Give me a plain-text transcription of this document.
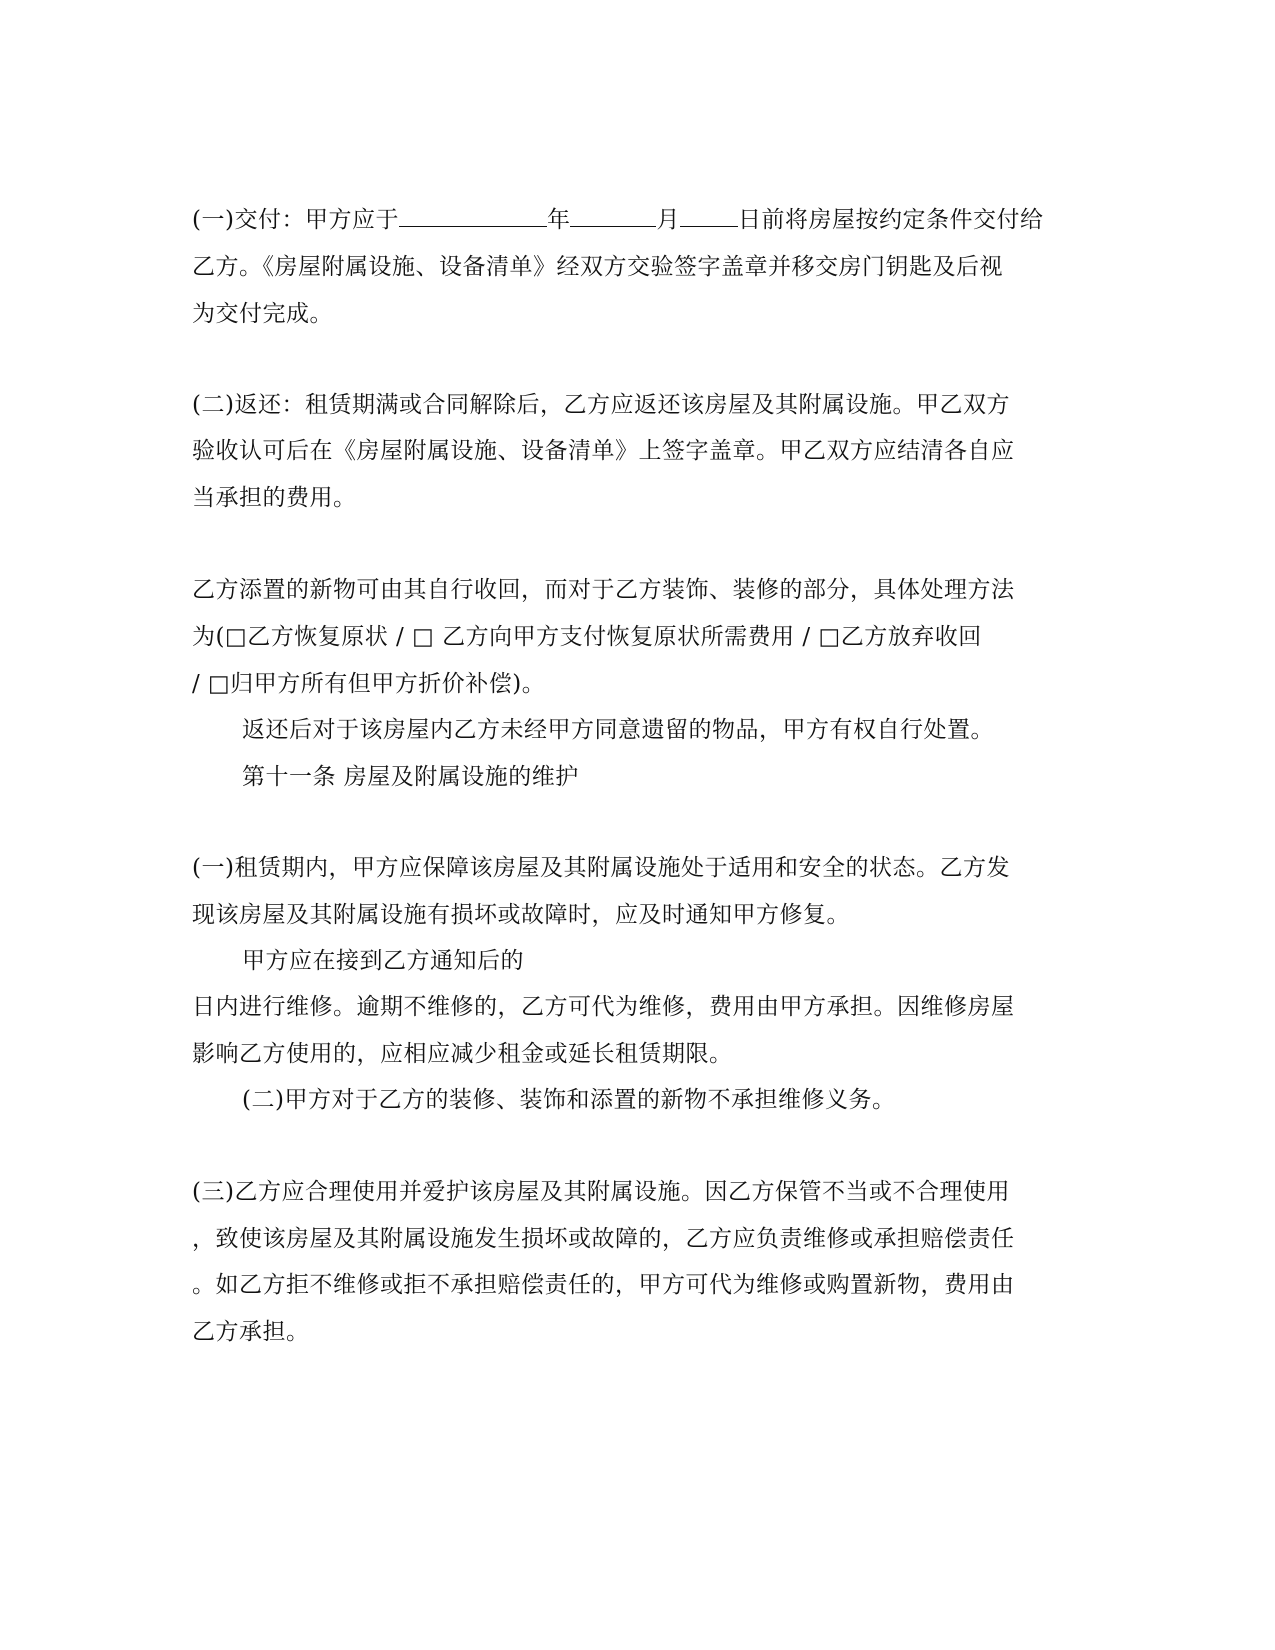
(一)交付：甲方应于	年	月	日前将房屋按约定条件交付给
乙方。《房屋附属设施、设备清单》经双方交验签字盖章并移交房门钥匙及后视
为交付完成。
(二)返还：租赁期满或合同解除后，乙方应返还该房屋及其附属设施。甲乙双方
验收认可后在《房屋附属设施、设备清单》上签字盖章。甲乙双方应结清各自应
当承担的费用。
乙方添置的新物可由其自行收回，而对于乙方装饰、装修的部分，具体处理方法
为(□乙方恢复原状 / □ 乙方向甲方支付恢复原状所需费用 / □乙方放弃收回
/ □归甲方所有但甲方折价补偿)。
返还后对于该房屋内乙方未经甲方同意遗留的物品，甲方有权自行处置。
第十一条 房屋及附属设施的维护
(一)租赁期内，甲方应保障该房屋及其附属设施处于适用和安全的状态。乙方发
现该房屋及其附属设施有损坏或故障时，应及时通知甲方修复。
甲方应在接到乙方通知后的
日内进行维修。逾期不维修的，乙方可代为维修，费用由甲方承担。因维修房屋
影响乙方使用的，应相应减少租金或延长租赁期限。
(二)甲方对于乙方的装修、装饰和添置的新物不承担维修义务。
(三)乙方应合理使用并爱护该房屋及其附属设施。因乙方保管不当或不合理使用
，致使该房屋及其附属设施发生损坏或故障的，乙方应负责维修或承担赔偿责任
。如乙方拒不维修或拒不承担赔偿责任的，甲方可代为维修或购置新物，费用由
乙方承担。
